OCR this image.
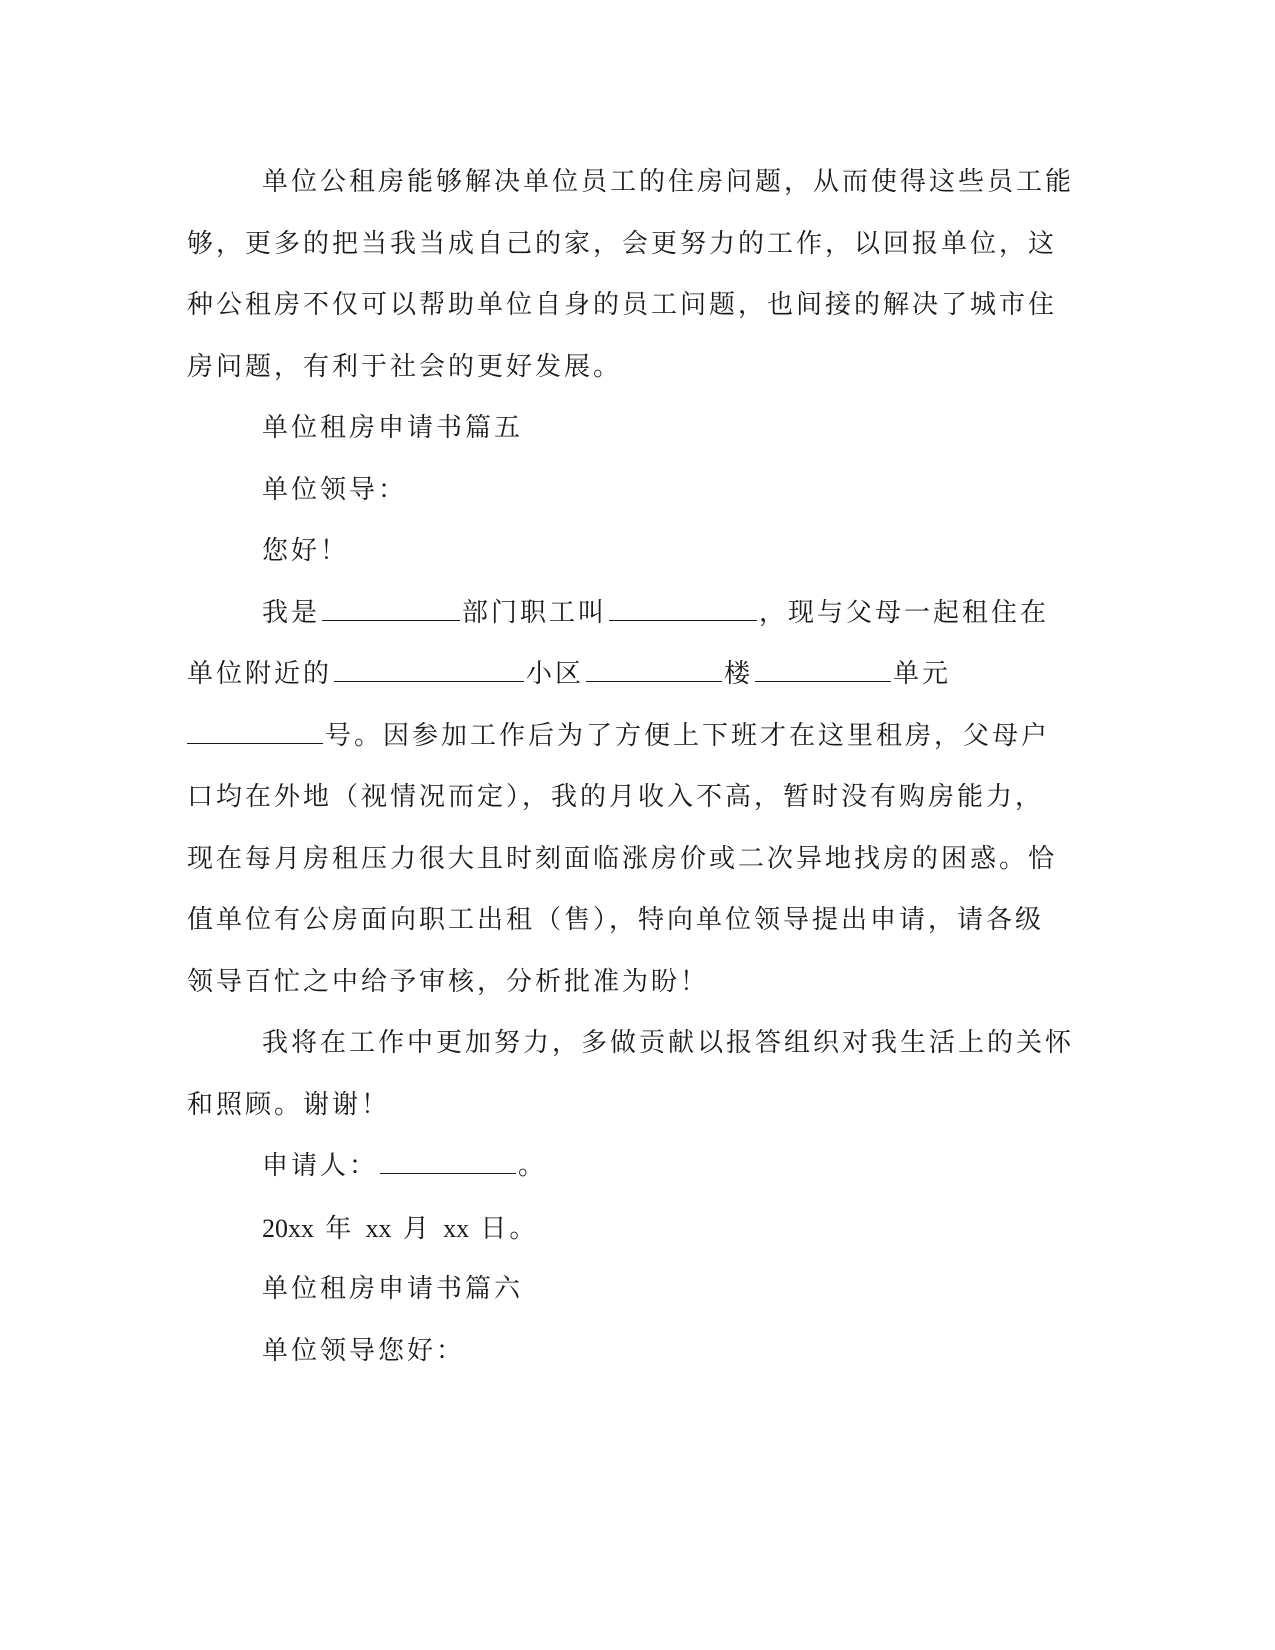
单位公租房能够解决单位员工的住房问题，从而使得这些员工能
够，更多的把当我当成自己的家，会更努力的工作，以回报单位，这
种公租房不仅可以帮助单位自身的员工问题，也间接的解决了城市住
房问题，有利于社会的更好发展。
单位租房申请书篇五
单位领导：
您好！
我是	部门职工叫	，现与父母一起租住在
单位附近的	小区	楼	单元
号。因参加工作后为了方便上下班才在这里租房，父母户
口均在外地（视情况而定），我的月收入不高，暂时没有购房能力，
现在每月房租压力很大且时刻面临涨房价或二次异地找房的困惑。恰
值单位有公房面向职工出租（售），特向单位领导提出申请，请各级
领导百忙之中给予审核，分析批准为盼！
我将在工作中更加努力，多做贡献以报答组织对我生活上的关怀
和照顾。谢谢！
申请人：	。
20xx 年 xx 月 xx 日。
单位租房申请书篇六
单位领导您好：
